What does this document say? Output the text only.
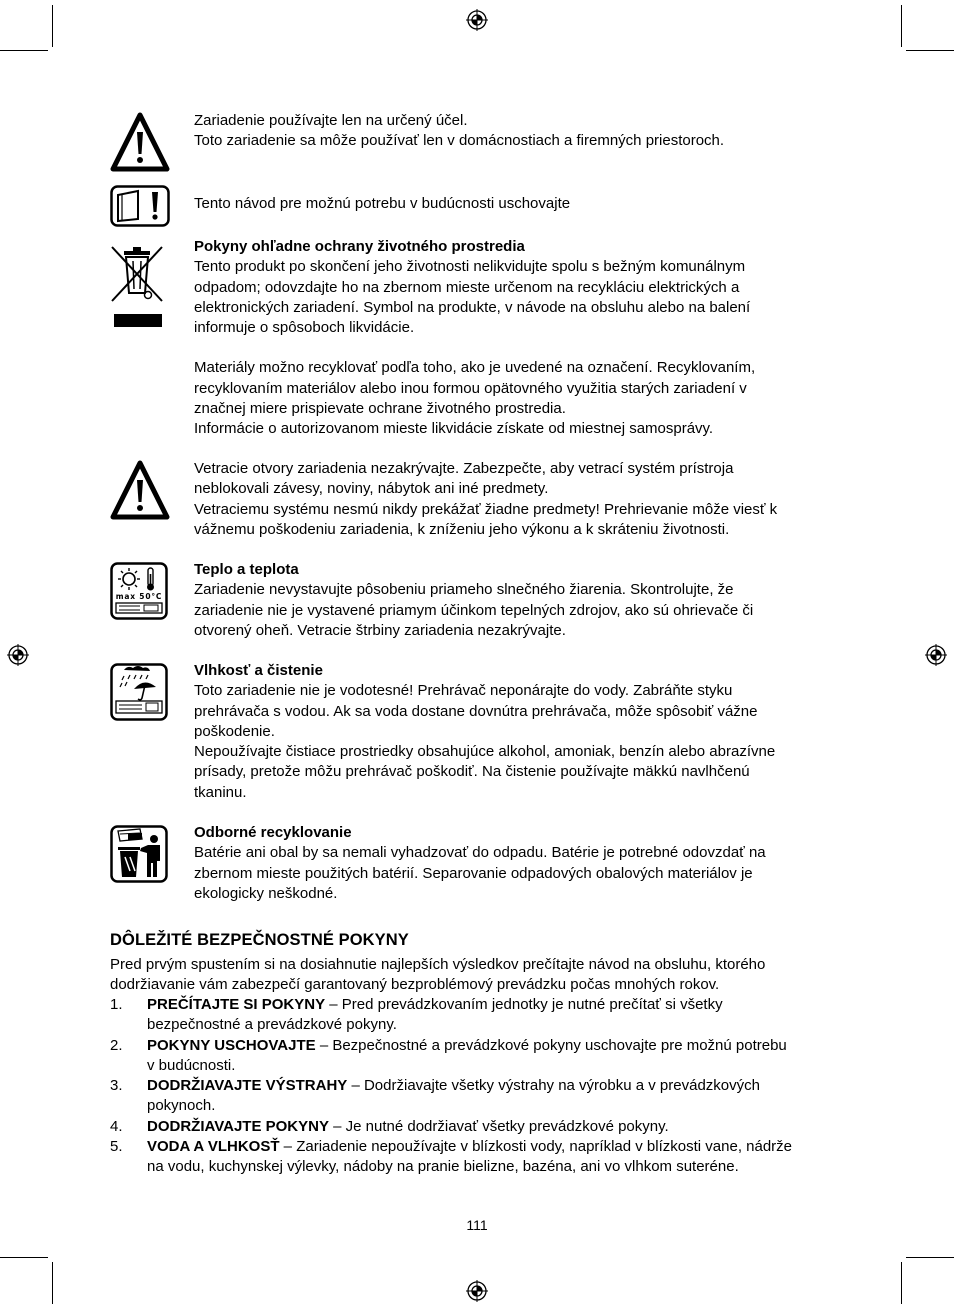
max 50°C

Zariadenie používajte len na určený účel.

Toto zariadenie sa môže používať len v domácnostiach a firemných priestoroch.

Tento návod pre možnú potrebu v budúcnosti uschovajte

Pokyny ohľadne ochrany životného prostredia

Tento produkt po skončení jeho životnosti nelikvidujte spolu s bežným komunálnym

odpadom; odovzdajte ho na zbernom mieste určenom na recykláciu elektrických a

elektronických zariadení. Symbol na produkte, v návode na obsluhu alebo na balení

informuje o spôsoboch likvidácie.

Materiály možno recyklovať podľa toho, ako je uvedené na označení. Recyklovaním,

recyklovaním materiálov alebo inou formou opätovného využitia starých zariadení v

značnej miere prispievate ochrane životného prostredia.

Informácie o autorizovanom mieste likvidácie získate od miestnej samosprávy.

Vetracie otvory zariadenia nezakrývajte. Zabezpečte, aby vetrací systém prístroja

neblokovali závesy, noviny, nábytok ani iné predmety.

Vetraciemu systému nesmú nikdy prekážať žiadne predmety! Prehrievanie môže viesť k

vážnemu poškodeniu zariadenia, k zníženiu jeho výkonu a k skráteniu životnosti.

Teplo a teplota

Zariadenie nevystavujte pôsobeniu priameho slnečného žiarenia. Skontrolujte, že

zariadenie nie je vystavené priamym účinkom tepelných zdrojov, ako sú ohrievače či

otvorený oheň. Vetracie štrbiny zariadenia nezakrývajte.

Vlhkosť a čistenie

Toto zariadenie nie je vodotesné! Prehrávač neponárajte do vody. Zabráňte styku

prehrávača s vodou. Ak sa voda dostane dovnútra prehrávača, môže spôsobiť vážne

poškodenie.

Nepoužívajte čistiace prostriedky obsahujúce alkohol, amoniak, benzín alebo abrazívne

prísady, pretože môžu prehrávač poškodiť. Na čistenie používajte mäkkú navlhčenú

tkaninu.

Odborné recyklovanie

Batérie ani obal by sa nemali vyhadzovať do odpadu. Batérie je potrebné odovzdať na

zbernom mieste použitých batérií. Separovanie odpadových obalových materiálov je

ekologicky neškodné.

DÔLEŽITÉ BEZPEČNOSTNÉ POKYNY

Pred prvým spustením si na dosiahnutie najlepších výsledkov prečítajte návod na obsluhu, ktorého

dodržiavanie vám zabezpečí garantovaný bezproblémový prevádzku počas mnohých rokov.

1. PREČÍTAJTE SI POKYNY – Pred prevádzkovaním jednotky je nutné prečítať si všetky
bezpečnostné a prevádzkové pokyny.
2. POKYNY USCHOVAJTE – Bezpečnostné a prevádzkové pokyny uschovajte pre možnú potrebu
v budúcnosti.
3. DODRŽIAVAJTE VÝSTRAHY – Dodržiavajte všetky výstrahy na výrobku a v prevádzkových
pokynoch.
4. DODRŽIAVAJTE POKYNY – Je nutné dodržiavať všetky prevádzkové pokyny.
5. VODA A VLHKOSŤ – Zariadenie nepoužívajte v blízkosti vody, napríklad v blízkosti vane, nádrže
na vodu, kuchynskej výlevky, nádoby na pranie bielizne, bazéna, ani vo vlhkom suteréne.
111
